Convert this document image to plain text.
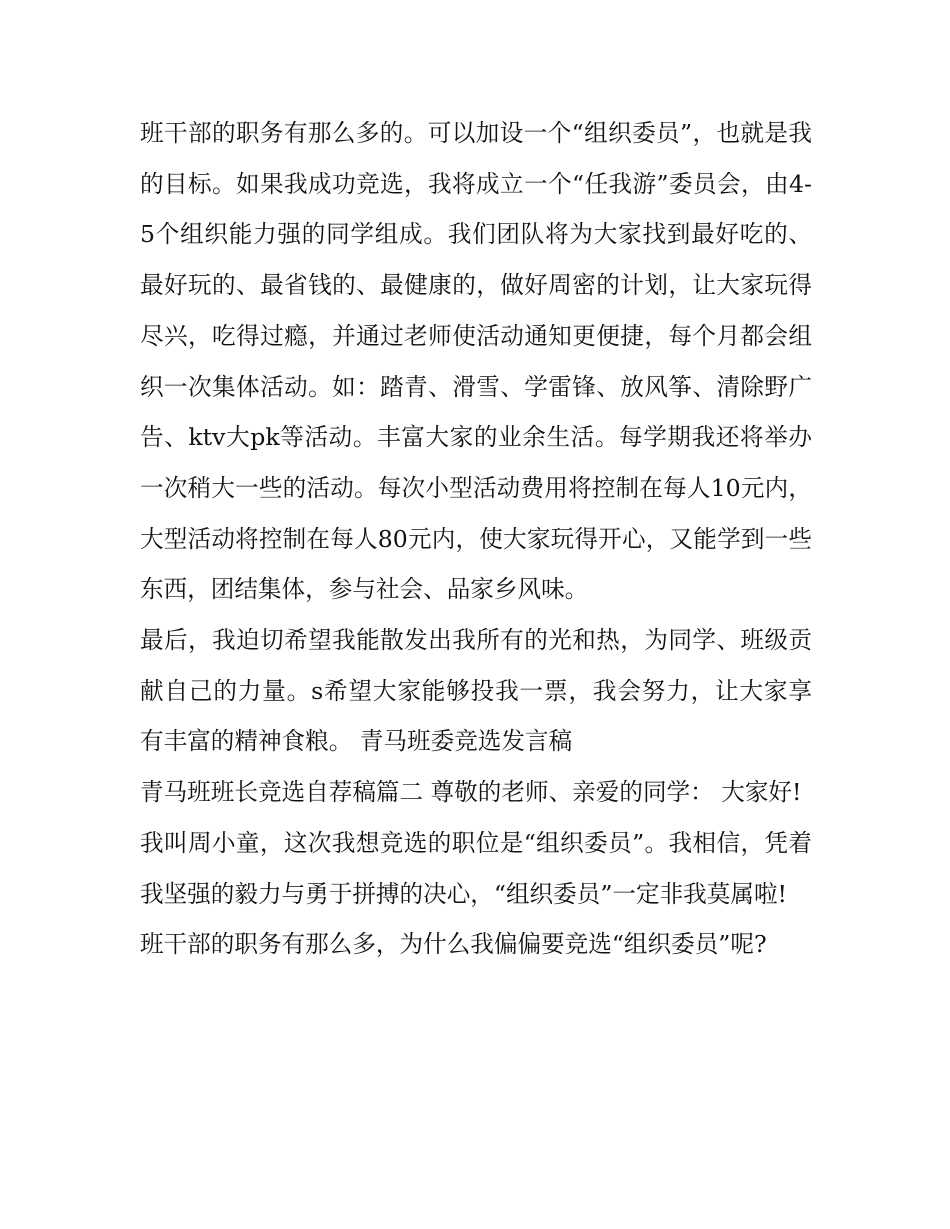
班干部的职务有那么多的。可以加设一个“组织委员”，也就是我的目标。如果我成功竞选，我将成立一个“任我游”委员会，由4-5个组织能力强的同学组成。我们团队将为大家找到最好吃的、最好玩的、最省钱的、最健康的，做好周密的计划，让大家玩得尽兴，吃得过瘾，并通过老师使活动通知更便捷，每个月都会组织一次集体活动。如：踏青、滑雪、学雷锋、放风筝、清除野广告、ktv大pk等活动。丰富大家的业余生活。每学期我还将举办一次稍大一些的活动。每次小型活动费用将控制在每人10元内，大型活动将控制在每人80元内，使大家玩得开心，又能学到一些东西，团结集体，参与社会、品家乡风味。

最后，我迫切希望我能散发出我所有的光和热，为同学、班级贡献自己的力量。s希望大家能够投我一票，我会努力，让大家享有丰富的精神食粮。 青马班委竞选发言稿

青马班班长竞选自荐稿篇二 尊敬的老师、亲爱的同学： 大家好!

我叫周小童，这次我想竞选的职位是“组织委员”。我相信，凭着我坚强的毅力与勇于拼搏的决心，“组织委员”一定非我莫属啦!

班干部的职务有那么多，为什么我偏偏要竞选“组织委员”呢?
